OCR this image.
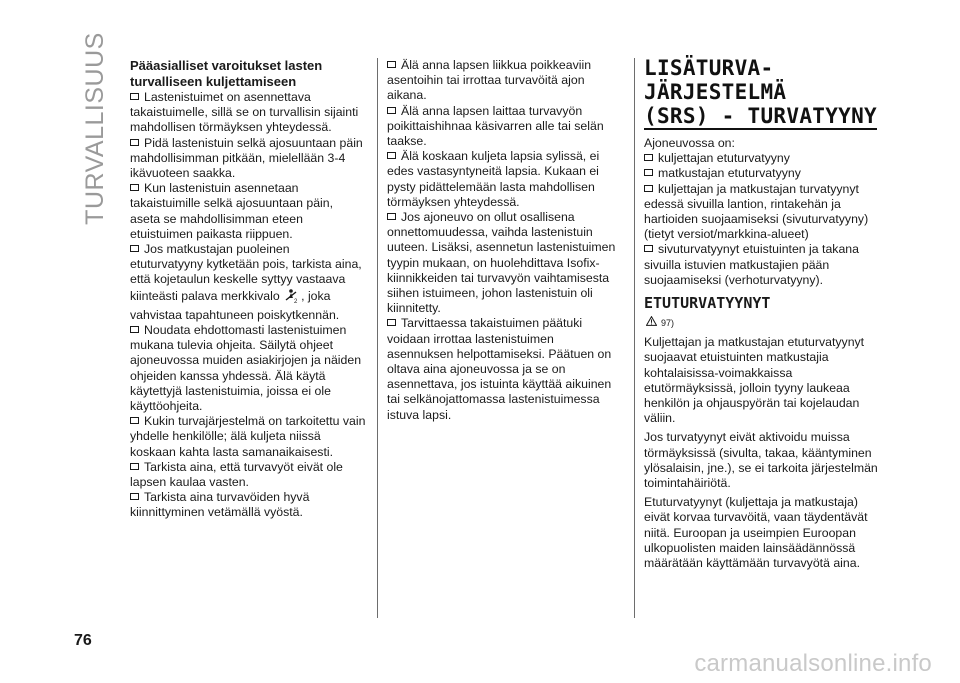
TURVALLISUUS Pääasialliset varoitukset lasten turvalliseen kuljettamiseen

Lastenistuimet on asennettava takaistuimelle, sillä se on turvallisin sijainti mahdollisen törmäyksen yhteydessä.

Pidä lastenistuin selkä ajosuuntaan päin mahdollisimman pitkään, mielellään 3-4 ikävuoteen saakka.

Kun lastenistuin asennetaan takaistuimille selkä ajosuuntaan päin, aseta se mahdollisimman eteen etuistuimen paikasta riippuen.

Jos matkustajan puoleinen etuturvatyyny kytketään pois, tarkista aina, että kojetaulun keskelle syttyy vastaava kiinteästi palava merkkivalo 2 , joka vahvistaa tapahtuneen poiskytkennän.

Noudata ehdottomasti lastenistuimen mukana tulevia ohjeita. Säilytä ohjeet ajoneuvossa muiden asiakirjojen ja näiden ohjeiden kanssa yhdessä. Älä käytä käytettyjä lastenistuimia, joissa ei ole käyttöohjeita.

Kukin turvajärjestelmä on tarkoitettu vain yhdelle henkilölle; älä kuljeta niissä koskaan kahta lasta samanaikaisesti.

Tarkista aina, että turvavyöt eivät ole lapsen kaulaa vasten.

Tarkista aina turvavöiden hyvä kiinnittyminen vetämällä vyöstä.

Älä anna lapsen liikkua poikkeaviin asentoihin tai irrottaa turvavöitä ajon aikana.

Älä anna lapsen laittaa turvavyön poikittaishihnaa käsivarren alle tai selän taakse.

Älä koskaan kuljeta lapsia sylissä, ei edes vastasyntyneitä lapsia. Kukaan ei pysty pidättelemään lasta mahdollisen törmäyksen yhteydessä.

Jos ajoneuvo on ollut osallisena onnettomuudessa, vaihda lastenistuin uuteen. Lisäksi, asennetun lastenistuimen tyypin mukaan, on huolehdittava Isofix-kiinnikkeiden tai turvavyön vaihtamisesta siihen istuimeen, johon lastenistuin oli kiinnitetty.

Tarvittaessa takaistuimen päätuki voidaan irrottaa lastenistuimen asennuksen helpottamiseksi. Päätuen on oltava aina ajoneuvossa ja se on asennettava, jos istuinta käyttää aikuinen tai selkänojattomassa lastenistuimessa istuva lapsi.

LISÄTURVA-
JÄRJESTELMÄ
(SRS) - TURVATYYNY

Ajoneuvossa on:

kuljettajan etuturvatyyny

matkustajan etuturvatyyny

kuljettajan ja matkustajan turvatyynyt edessä sivuilla lantion, rintakehän ja hartioiden suojaamiseksi (sivuturvatyyny) (tietyt versiot/markkina-alueet)

sivuturvatyynyt etuistuinten ja takana sivuilla istuvien matkustajien pään suojaamiseksi (verhoturvatyyny).

ETUTURVATYYNYT
97)

Kuljettajan ja matkustajan etuturvatyynyt suojaavat etuistuinten matkustajia kohtalaisissa-voimakkaissa etutörmäyksissä, jolloin tyyny laukeaa henkilön ja ohjauspyörän tai kojelaudan väliin.

Jos turvatyynyt eivät aktivoidu muissa törmäyksissä (sivulta, takaa, kääntyminen ylösalaisin, jne.), se ei tarkoita järjestelmän toimintahäiriötä.

Etuturvatyynyt (kuljettaja ja matkustaja) eivät korvaa turvavöitä, vaan täydentävät niitä. Euroopan ja useimpien Euroopan ulkopuolisten maiden lainsäädännössä määrätään käyttämään turvavyötä aina.

76
carmanualsonline.info
